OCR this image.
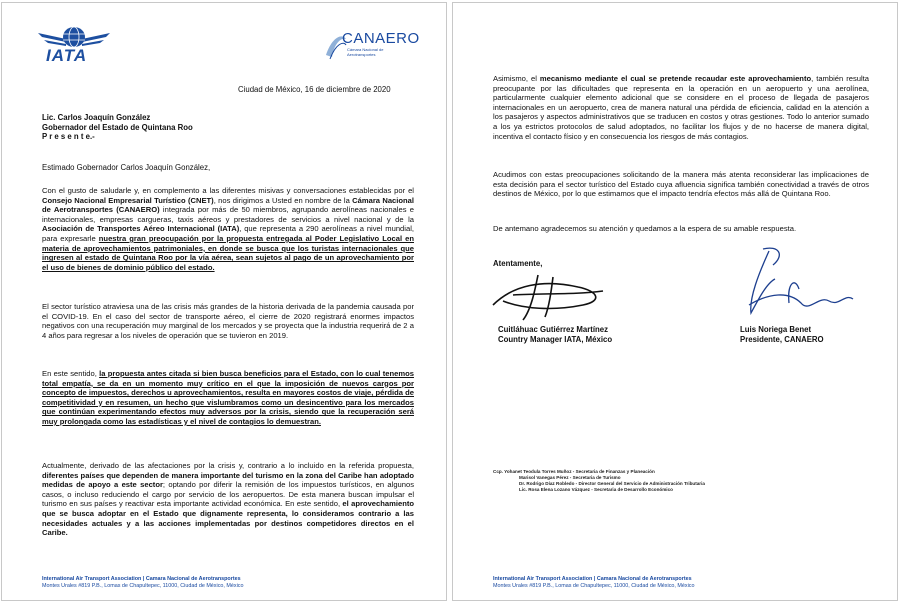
IATA
CANAERO
Cámara Nacional de Aerotransportes
Ciudad de México, 16 de diciembre de 2020
Lic. Carlos Joaquín González
Gobernador del Estado de Quintana Roo
P r e s e n t e.-
Estimado Gobernador Carlos Joaquín González,
Con el gusto de saludarle y, en complemento a las diferentes misivas y conversaciones establecidas por el Consejo Nacional Empresarial Turístico (CNET), nos dirigimos a Usted en nombre de la Cámara Nacional de Aerotransportes (CANAERO) integrada por más de 50 miembros, agrupando aerolíneas nacionales e internacionales, empresas cargueras, taxis aéreos y prestadores de servicios a nivel nacional y de la Asociación de Transportes Aéreo Internacional (IATA), que representa a 290 aerolíneas a nivel mundial, para expresarle nuestra gran preocupación por la propuesta entregada al Poder Legislativo Local en materia de aprovechamientos patrimoniales, en donde se busca que los turistas internacionales que ingresen al estado de Quintana Roo por la vía aérea, sean sujetos al pago de un aprovechamiento por el uso de bienes de dominio público del estado.
El sector turístico atraviesa una de las crisis más grandes de la historia derivada de la pandemia causada por el COVID-19. En el caso del sector de transporte aéreo, el cierre de 2020 registrará enormes impactos negativos con una recuperación muy marginal de los mercados y se proyecta que la industria requerirá de 2 a 4 años para regresar a los niveles de operación que se tuvieron en 2019.
En este sentido, la propuesta antes citada si bien busca beneficios para el Estado, con lo cual tenemos total empatía, se da en un momento muy crítico en el que la imposición de nuevos cargos por concepto de impuestos, derechos u aprovechamientos, resulta en mayores costos de viaje, pérdida de competitividad y en resumen, un hecho que vislumbramos como un desincentivo para los mercados que continúan experimentando efectos muy adversos por la crisis, siendo que la recuperación será muy prolongada como las estadísticas y el nivel de contagios lo demuestran.
Actualmente, derivado de las afectaciones por la crisis y, contrario a lo incluido en la referida propuesta, diferentes países que dependen de manera importante del turismo en la zona del Caribe han adoptado medidas de apoyo a este sector; optando por diferir la remisión de los impuestos turísticos, en algunos casos, o incluso reduciendo el cargo por servicio de los aeropuertos. De esta manera buscan impulsar el turismo en sus países y reactivar esta importante actividad económica. En este sentido, el aprovechamiento que se busca adoptar en el Estado que dignamente representa, lo consideramos contrario a las necesidades actuales y a las acciones implementadas por destinos competidores directos en el Caribe.
International Air Transport Association | Camara Nacional de Aerotransportes
Montes Urales #819 P.B., Lomas de Chapultepec, 11000, Ciudad de México, México
Asimismo, el mecanismo mediante el cual se pretende recaudar este aprovechamiento, también resulta preocupante por las dificultades que representa en la operación en un aeropuerto y una aerolínea, particularmente cualquier elemento adicional que se considere en el proceso de llegada de pasajeros internacionales en un aeropuerto, crea de manera natural una pérdida de eficiencia, calidad en la atención a los pasajeros y aspectos administrativos que se traducen en costos y otras gestiones. Todo lo anterior sumado a los ya estrictos protocolos de salud adoptados, no facilitar los flujos y de no hacerse de manera digital, incentiva el contacto físico y en consecuencia los riesgos de más contagios.
Acudimos con estas preocupaciones solicitando de la manera más atenta reconsiderar las implicaciones de esta decisión para el sector turístico del Estado cuya afluencia significa también conectividad a través de otros destinos de México, por lo que estimamos que el impacto tendría efectos más allá de Quintana Roo.
De antemano agradecemos su atención y quedamos a la espera de su amable respuesta.
Atentamente,
Cuitláhuac Gutiérrez Martínez
Country Manager IATA, México
Luis Noriega Benet
Presidente, CANAERO
Ccp. Yohanet Teodula Torres Muñoz - Secretaria de Finanzas y Planeación
Marisol Vanegas Pérez - Secretaria de Turismo
Dr. Rodrigo Díaz Robledo - Director General del Servicio de Administración Tributaria
Lic. Rosa Elena Lozano Vázquez - Secretaria de Desarrollo Económico
International Air Transport Association | Camara Nacional de Aerotransportes
Montes Urales #819 P.B., Lomas de Chapultepec, 11000, Ciudad de México, México
